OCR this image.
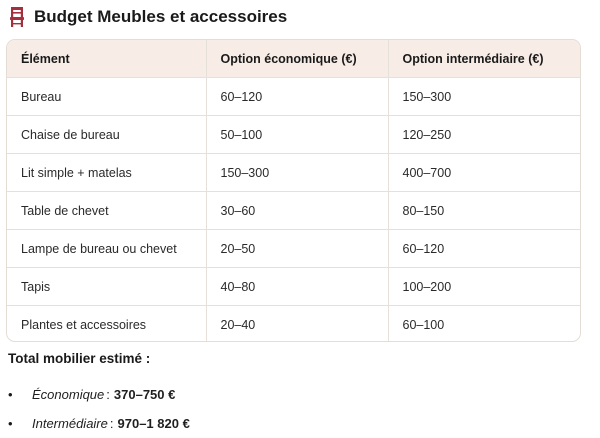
Budget Meubles et accessoires
Élément	Option économique (€)	Option intermédiaire (€)
Bureau	60–120	150–300
Chaise de bureau	50–100	120–250
Lit simple + matelas	150–300	400–700
Table de chevet	30–60	80–150
Lampe de bureau ou chevet	20–50	60–120
Tapis	40–80	100–200
Plantes et accessoires	20–40	60–100
Total mobilier estimé :
•	Économique : 370–750 €
•	Intermédiaire : 970–1 820 €
